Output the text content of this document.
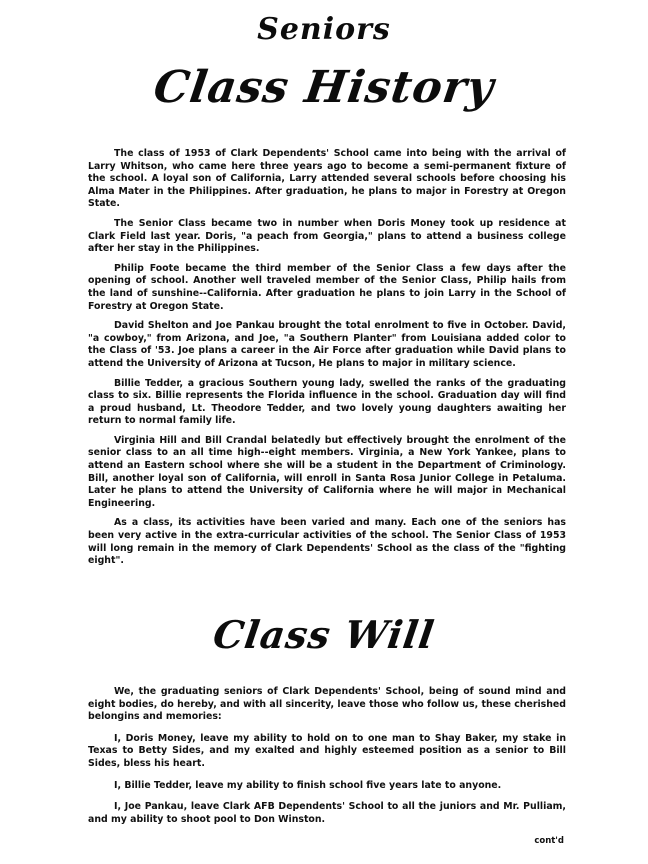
Seniors
Class History

The class of 1953 of Clark Dependents' School came into being with the arrival of Larry Whitson, who came here three years ago to become a semi-permanent fixture of the school. A loyal son of California, Larry attended several schools before choosing his Alma Mater in the Philippines. After graduation, he plans to major in Forestry at Oregon State.

The Senior Class became two in number when Doris Money took up residence at Clark Field last year. Doris, "a peach from Georgia," plans to attend a business college after her stay in the Philippines.

Philip Foote became the third member of the Senior Class a few days after the opening of school. Another well traveled member of the Senior Class, Philip hails from the land of sunshine--California. After graduation he plans to join Larry in the School of Forestry at Oregon State.

David Shelton and Joe Pankau brought the total enrolment to five in October. David, "a cowboy," from Arizona, and Joe, "a Southern Planter" from Louisiana added color to the Class of '53. Joe plans a career in the Air Force after graduation while David plans to attend the University of Arizona at Tucson, He plans to major in military science.

Billie Tedder, a gracious Southern young lady, swelled the ranks of the graduating class to six. Billie represents the Florida influence in the school. Graduation day will find a proud husband, Lt. Theodore Tedder, and two lovely young daughters awaiting her return to normal family life.

Virginia Hill and Bill Crandal belatedly but effectively brought the enrolment of the senior class to an all time high--eight members. Virginia, a New York Yankee, plans to attend an Eastern school where she will be a student in the Department of Criminology. Bill, another loyal son of California, will enroll in Santa Rosa Junior College in Petaluma. Later he plans to attend the University of California where he will major in Mechanical Engineering.

As a class, its activities have been varied and many. Each one of the seniors has been very active in the extra-curricular activities of the school. The Senior Class of 1953 will long remain in the memory of Clark Dependents' School as the class of the "fighting eight".

Class Will

We, the graduating seniors of Clark Dependents' School, being of sound mind and eight bodies, do hereby, and with all sincerity, leave those who follow us, these cherished belongins and memories:

I, Doris Money, leave my ability to hold on to one man to Shay Baker, my stake in Texas to Betty Sides, and my exalted and highly esteemed position as a senior to Bill Sides, bless his heart.

I, Billie Tedder, leave my ability to finish school five years late to anyone.

I, Joe Pankau, leave Clark AFB Dependents' School to all the juniors and Mr. Pulliam, and my ability to shoot pool to Don Winston.

cont'd
